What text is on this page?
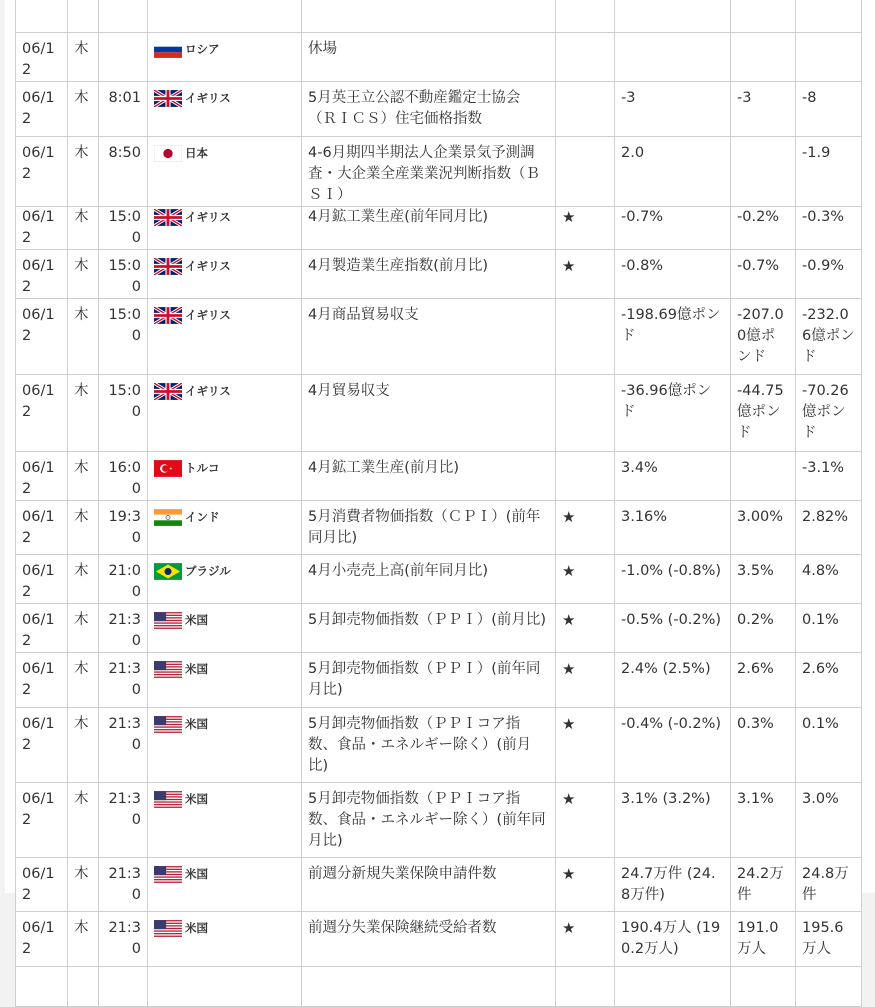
06/12	木		ロシア	休場				
06/12	木	8:01	イギリス	5月英王立公認不動産鑑定士協会（ＲＩＣＳ）住宅価格指数		-3	-3	-8
06/12	木	8:50	日本	4-6月期四半期法人企業景気予測調査・大企業全産業業況判断指数（ＢＳＩ）		2.0		-1.9
06/12	木	15:00	イギリス	4月鉱工業生産(前年同月比)	★	-0.7%	-0.2%	-0.3%
06/12	木	15:00	イギリス	4月製造業生産指数(前月比)	★	-0.8%	-0.7%	-0.9%
06/12	木	15:00	イギリス	4月商品貿易収支		-198.69億ポンド	-207.00億ポンド	-232.06億ポンド
06/12	木	15:00	イギリス	4月貿易収支		-36.96億ポンド	-44.75億ポンド	-70.26億ポンド
06/12	木	16:00	トルコ	4月鉱工業生産(前月比)		3.4%		-3.1%
06/12	木	19:30	インド	5月消費者物価指数（ＣＰＩ）(前年同月比)	★	3.16%	3.00%	2.82%
06/12	木	21:00	ブラジル	4月小売売上高(前年同月比)	★	-1.0% (-0.8%)	3.5%	4.8%
06/12	木	21:30	米国	5月卸売物価指数（ＰＰＩ）(前月比)	★	-0.5% (-0.2%)	0.2%	0.1%
06/12	木	21:30	米国	5月卸売物価指数（ＰＰＩ）(前年同月比)	★	2.4% (2.5%)	2.6%	2.6%
06/12	木	21:30	米国	5月卸売物価指数（ＰＰＩコア指数、食品・エネルギー除く）(前月比)	★	-0.4% (-0.2%)	0.3%	0.1%
06/12	木	21:30	米国	5月卸売物価指数（ＰＰＩコア指数、食品・エネルギー除く）(前年同月比)	★	3.1% (3.2%)	3.1%	3.0%
06/12	木	21:30	米国	前週分新規失業保険申請件数	★	24.7万件 (24.8万件)	24.2万件	24.8万件
06/12	木	21:30	米国	前週分失業保険継続受給者数	★	190.4万人 (190.2万人)	191.0万人	195.6万人
